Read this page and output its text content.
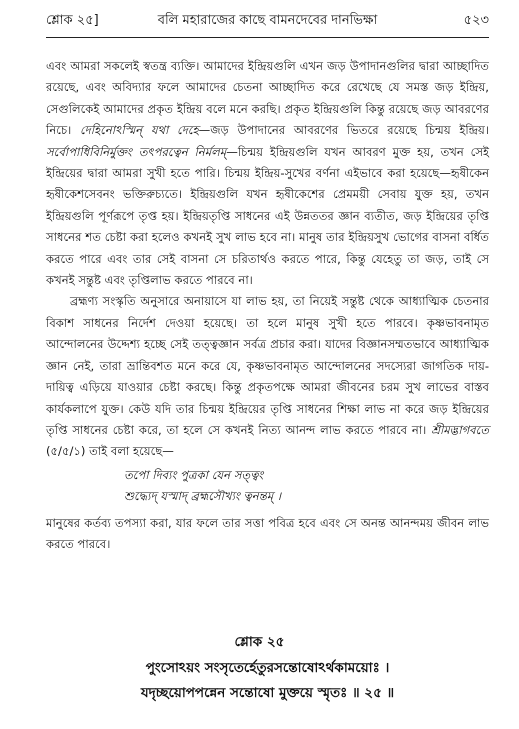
শ্লোক ২৫]	বলি মহারাজের কাছে বামনদেবের দানভিক্ষা	৫২৩

এবং আমরা সকলেই স্বতন্ত্র ব্যক্তি। আমাদের ইন্দ্রিয়গুলি এখন জড় উপাদানগুলির দ্বারা আচ্ছাদিত রয়েছে, এবং অবিদ্যার ফলে আমাদের চেতনা আচ্ছাদিত করে রেখেছে যে সমস্ত জড় ইন্দ্রিয়, সেগুলিকেই আমাদের প্রকৃত ইন্দ্রিয় বলে মনে করছি। প্রকৃত ইন্দ্রিয়গুলি কিন্তু রয়েছে জড় আবরণের নিচে। দেহিনোঽস্মিন্ যথা দেহে—জড় উপাদানের আবরণের ভিতরে রয়েছে চিন্ময় ইন্দ্রিয়। সর্বোপাধিবিনির্মুক্তং তৎপরত্বেন নির্মলম্—চিন্ময় ইন্দ্রিয়গুলি যখন আবরণ মুক্ত হয়, তখন সেই ইন্দ্রিয়ের দ্বারা আমরা সুখী হতে পারি। চিন্ময় ইন্দ্রিয়-সুখের বর্ণনা এইভাবে করা হয়েছে—হৃষীকেন হৃষীকেশসেবনং ভক্তিরুচ্যতে। ইন্দ্রিয়গুলি যখন হৃষীকেশের প্রেমময়ী সেবায় যুক্ত হয়, তখন ইন্দ্রিয়গুলি পূর্ণরূপে তৃপ্ত হয়। ইন্দ্রিয়তৃপ্তি সাধনের এই উন্নততর জ্ঞান ব্যতীত, জড় ইন্দ্রিয়ের তৃপ্তি সাধনের শত চেষ্টা করা হলেও কখনই সুখ লাভ হবে না। মানুষ তার ইন্দ্রিয়সুখ ভোগের বাসনা বর্ধিত করতে পারে এবং তার সেই বাসনা সে চরিতার্থও করতে পারে, কিন্তু যেহেতু তা জড়, তাই সে কখনই সন্তুষ্ট এবং তৃপ্তিলাভ করতে পারবে না।

ব্রহ্মণ্য সংস্কৃতি অনুসারে অনায়াসে যা লাভ হয়, তা নিয়েই সন্তুষ্ট থেকে আধ্যাত্মিক চেতনার বিকাশ সাধনের নির্দেশ দেওয়া হয়েছে। তা হলে মানুষ সুখী হতে পারবে। কৃষ্ণভাবনামৃত আন্দোলনের উদ্দেশ্য হচ্ছে সেই তত্ত্বজ্ঞান সর্বত্র প্রচার করা। যাদের বিজ্ঞানসম্মতভাবে আধ্যাত্মিক জ্ঞান নেই, তারা ভ্রান্তিবশত মনে করে যে, কৃষ্ণভাবনামৃত আন্দোলনের সদস্যেরা জাগতিক দায়-দায়িত্ব এড়িয়ে যাওয়ার চেষ্টা করছে। কিন্তু প্রকৃতপক্ষে আমরা জীবনের চরম সুখ লাভের বাস্তব কার্যকলাপে যুক্ত। কেউ যদি তার চিন্ময় ইন্দ্রিয়ের তৃপ্তি সাধনের শিক্ষা লাভ না করে জড় ইন্দ্রিয়ের তৃপ্তি সাধনের চেষ্টা করে, তা হলে সে কখনই নিত্য আনন্দ লাভ করতে পারবে না। শ্রীমদ্ভাগবতে (৫/৫/১) তাই বলা হয়েছে—

তপো দিব্যং পুত্রকা যেন সত্ত্বং
শুদ্ধ্যেদ্ যস্মাদ্ ব্রহ্মসৌখ্যং ত্বনন্তম্ ।

মানুষের কর্তব্য তপস্যা করা, যার ফলে তার সত্তা পবিত্র হবে এবং সে অনন্ত আনন্দময় জীবন লাভ করতে পারবে।

শ্লোক ২৫
পুংসোঽয়ং সংসৃতের্হেতুরসন্তোষোঽর্থকাময়োঃ ।
যদৃচ্ছয়োপপন্নেন সন্তোষো মুক্তয়ে স্মৃতঃ ॥ ২৫ ॥
